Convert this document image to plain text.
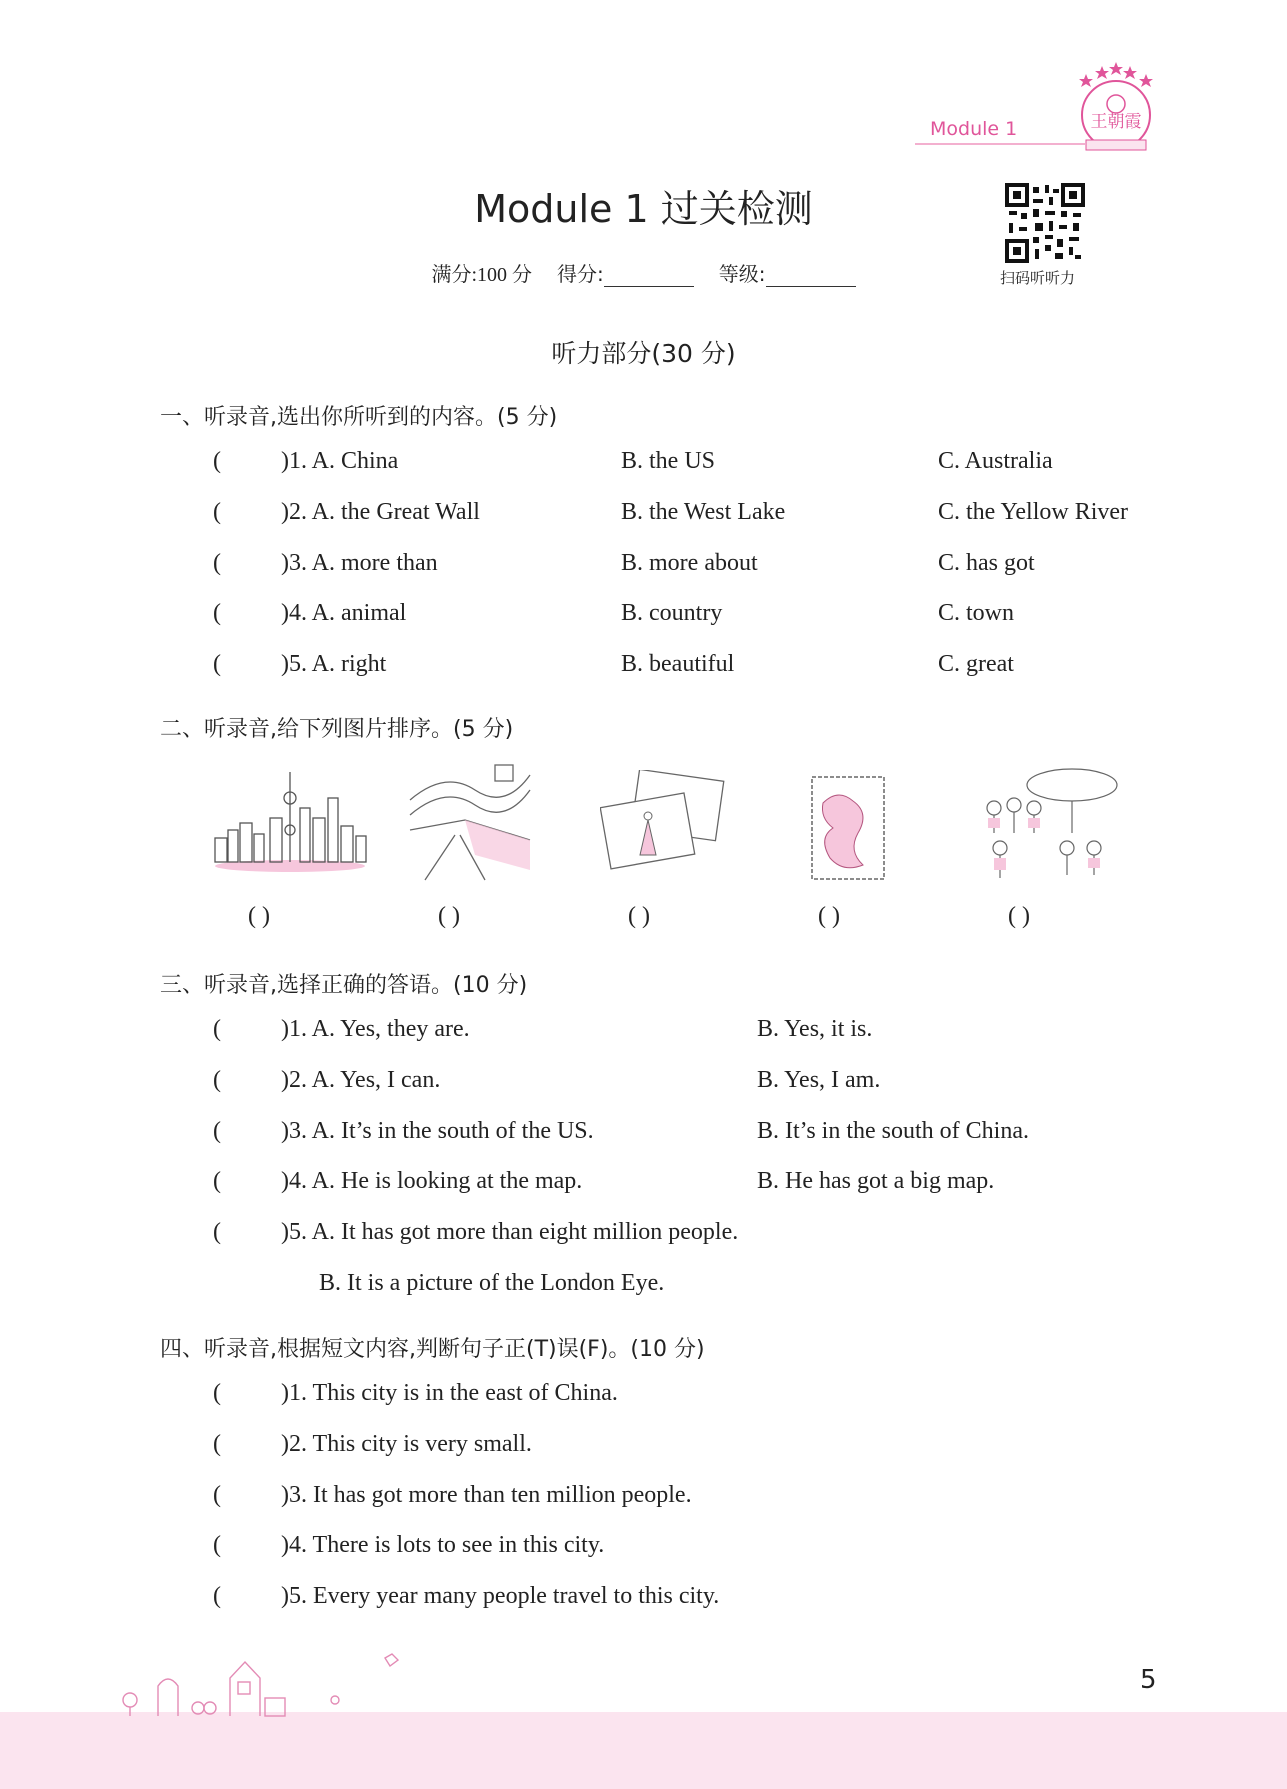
Module 1	王朝霞
Module 1 过关检测
满分:100 分 得分:	等级:	扫码听听力
听力部分(30 分)
一、听录音,选出你所听到的内容。(5 分)
(	)1. A. China	B. the US	C. Australia
(	)2. A. the Great Wall	B. the West Lake	C. the Yellow River
(	)3. A. more than	B. more about	C. has got
(	)4. A. animal	B. country	C. town
(	)5. A. right	B. beautiful	C. great
二、听录音,给下列图片排序。(5 分)
( )	( )	( )	( )	( )
三、听录音,选择正确的答语。(10 分)
(	)1. A. Yes, they are.	B. Yes, it is.
(	)2. A. Yes, I can.	B. Yes, I am.
(	)3. A. It’s in the south of the US.	B. It’s in the south of China.
(	)4. A. He is looking at the map.	B. He has got a big map.
(	)5. A. It has got more than eight million people.
B. It is a picture of the London Eye.
四、听录音,根据短文内容,判断句子正(T)误(F)。(10 分)
(	)1. This city is in the east of China.
(	)2. This city is very small.
(	)3. It has got more than ten million people.
(	)4. There is lots to see in this city.
(	)5. Every year many people travel to this city.
5
